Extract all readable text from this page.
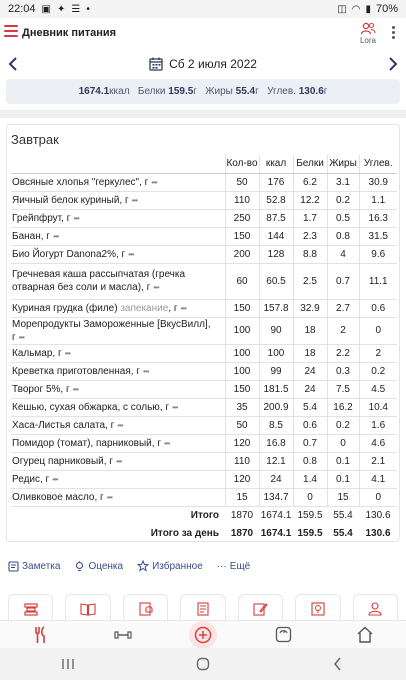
22:04 ▣ ✦ ☰ •	◫ ◠ ▮ 70%
Дневник питания
Lora
Сб 2 июля 2022
1674.1ккал Белки 159.5г Жиры 55.4г Углев. 130.6г
Завтрак
	Кол-во	ккал	Белки	Жиры	Углев.
Овсяные хлопья "геркулес", г •••	50	176	6.2	3.1	30.9
Яичный белок куриный, г •••	110	52.8	12.2	0.2	1.1
Грейпфрут, г •••	250	87.5	1.7	0.5	16.3
Банан, г •••	150	144	2.3	0.8	31.5
Био Йогурт Danona2%, г •••	200	128	8.8	4	9.6
Гречневая каша рассыпчатая (гречка отварная без соли и масла), г •••	60	60.5	2.5	0.7	11.1
Куриная грудка (филе) запекание, г •••	150	157.8	32.9	2.7	0.6
Морепродукты Замороженные [ВкусВилл], г •••	100	90	18	2	0
Кальмар, г •••	100	100	18	2.2	2
Креветка приготовленная, г •••	100	99	24	0.3	0.2
Творог 5%, г •••	150	181.5	24	7.5	4.5
Кешью, сухая обжарка, с солью, г •••	35	200.9	5.4	16.2	10.4
Хаса-Листья салата, г •••	50	8.5	0.6	0.2	1.6
Помидор (томат), парниковый, г •••	120	16.8	0.7	0	4.6
Огурец парниковый, г •••	110	12.1	0.8	0.1	2.1
Редис, г •••	120	24	1.4	0.1	4.1
Оливковое масло, г •••	15	134.7	0	15	0
Итого	1870	1674.1	159.5	55.4	130.6
Итого за день	1870	1674.1	159.5	55.4	130.6
Заметка	Оценка	Избранное ··· Ещё
